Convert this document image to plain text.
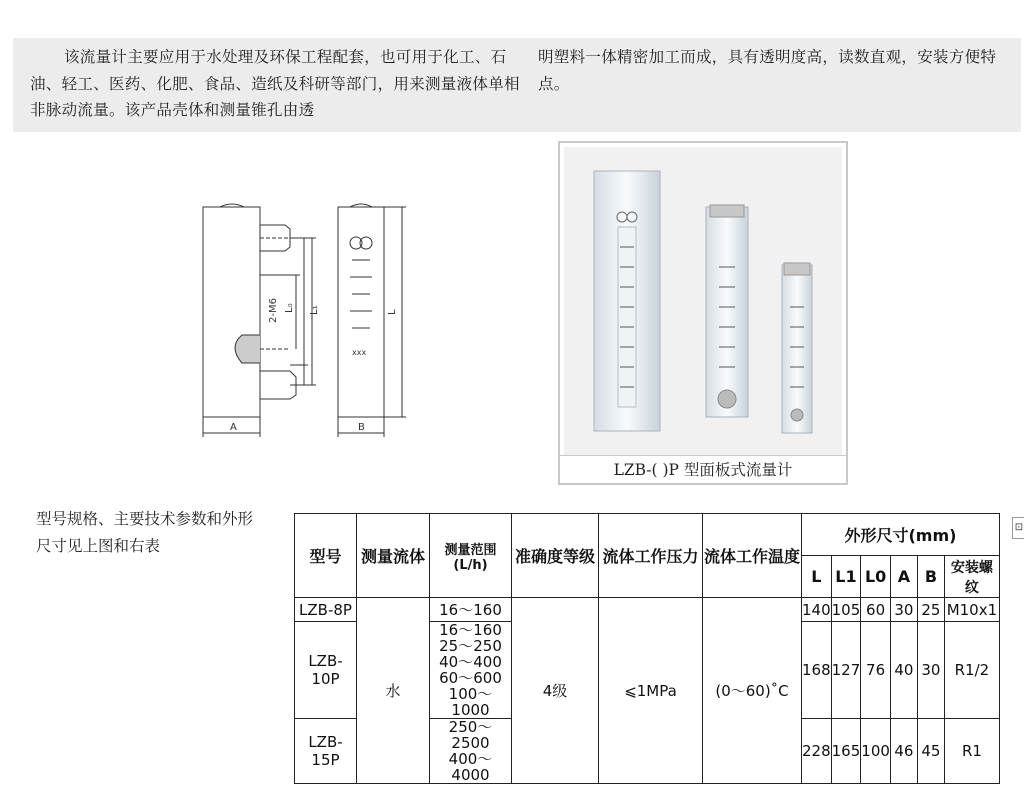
该流量计主要应用于水处理及环保工程配套，也可用于化工、石油、轻工、医药、化肥、食品、造纸及科研等部门，用来测量液体单相非脉动流量。该产品壳体和测量锥孔由透
明塑料一体精密加工而成，具有透明度高，读数直观，安装方便特点。
A	B
L
L₁
L₀
2-M6
xxx
LZB-( )P 型面板式流量计
型号规格、主要技术参数和外形尺寸见上图和右表
型号	测量流体	测量范围(L/h)	准确度等级	流体工作压力	流体工作温度	外形尺寸(mm)					
						L	L1	L0	A	B	安装螺纹
LZB-8P	水	16～160	4级	⩽1MPa	(0～60)˚C	140	105	60	30	25	M10x1
LZB-10P		16～160
25～250
40～400
60～600
100～1000				168	127	76	40	30	R1/2
LZB-15P		250～2500
400～4000				228	165	100	46	45	R1
⊡
